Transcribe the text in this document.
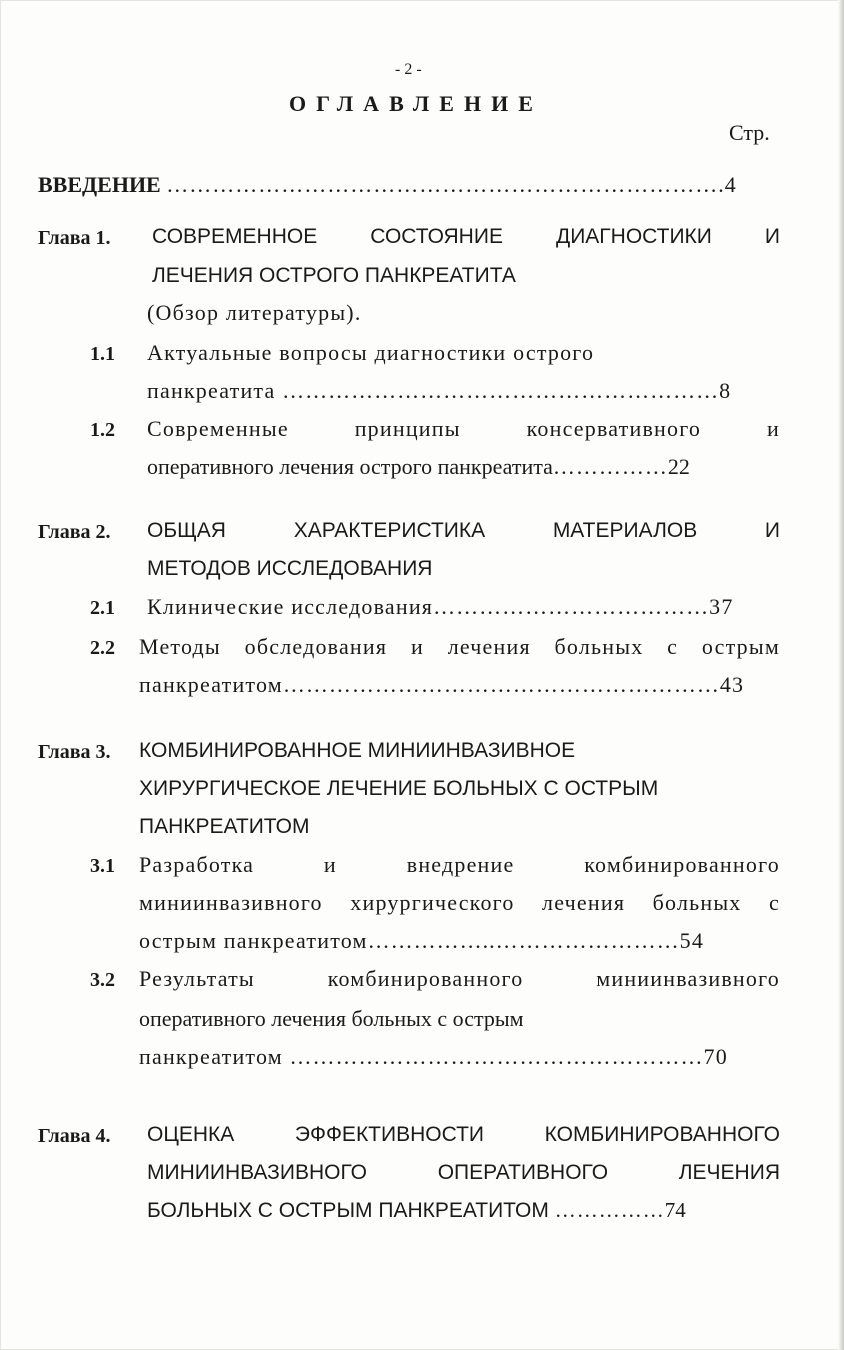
- 2 -
ОГЛАВЛЕНИЕ
Стр.
ВВЕДЕНИЕ ……………………………………………………………….4
Глава 1. СОВРЕМЕННОЕ	СОСТОЯНИЕ	ДИАГНОСТИКИ	И
ЛЕЧЕНИЯ ОСТРОГО ПАНКРЕАТИТА
(Обзор литературы).
1.1 Актуальные вопросы диагностики острого
панкреатита …………………………………………………8
1.2 Современные	принципы	консервативного	и
оперативного лечения острого панкреатита……………22
Глава 2. ОБЩАЯ	ХАРАКТЕРИСТИКА	МАТЕРИАЛОВ	И
МЕТОДОВ ИССЛЕДОВАНИЯ
2.1 Клинические исследования………………………………37
2.2 Методы обследования и лечения больных с острым
панкреатитом…………………………………………………43
Глава 3. КОМБИНИРОВАННОЕ МИНИИНВАЗИВНОЕ
ХИРУРГИЧЕСКОЕ ЛЕЧЕНИЕ БОЛЬНЫХ С ОСТРЫМ
ПАНКРЕАТИТОМ
3.1 Разработка	и	внедрение	комбинированного
миниинвазивного хирургического лечения больных с
острым панкреатитом……………..……………………54
3.2 Результаты	комбинированного	миниинвазивного
оперативного лечения больных с острым
панкреатитом ………………………………………………70
Глава 4. ОЦЕНКА	ЭФФЕКТИВНОСТИ	КОМБИНИРОВАННОГО
МИНИИНВАЗИВНОГО	ОПЕРАТИВНОГО	ЛЕЧЕНИЯ
БОЛЬНЫХ С ОСТРЫМ ПАНКРЕАТИТОМ ……………74
